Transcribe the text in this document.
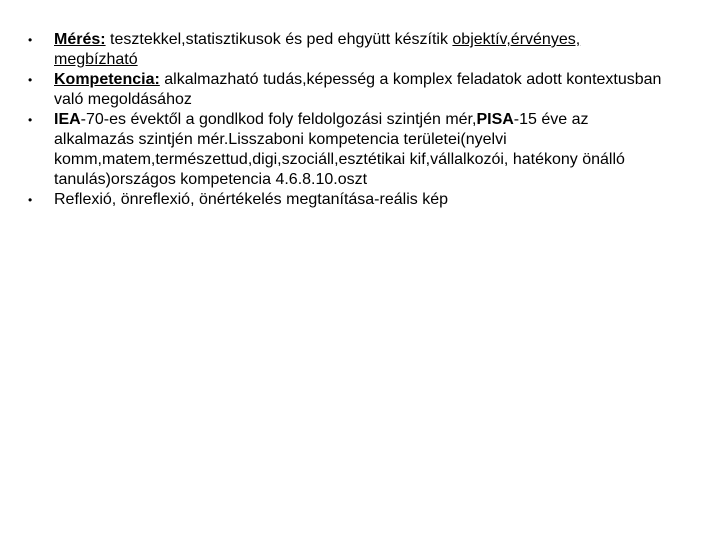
•	Mérés: tesztekkel,statisztikusok és ped ehgyütt készítik objektív,érvényes, megbízható
•	Kompetencia: alkalmazható tudás,képesség a komplex feladatok adott kontextusban való megoldásához
•	IEA-70-es évektől a gondlkod foly feldolgozási szintjén mér,PISA-15 éve az alkalmazás szintjén mér.Lisszaboni kompetencia területei(nyelvi komm,matem,természettud,digi,szociáll,esztétikai kif,vállalkozói, hatékony önálló tanulás)országos kompetencia 4.6.8.10.oszt
•	Reflexió, önreflexió, önértékelés megtanítása-reális kép
